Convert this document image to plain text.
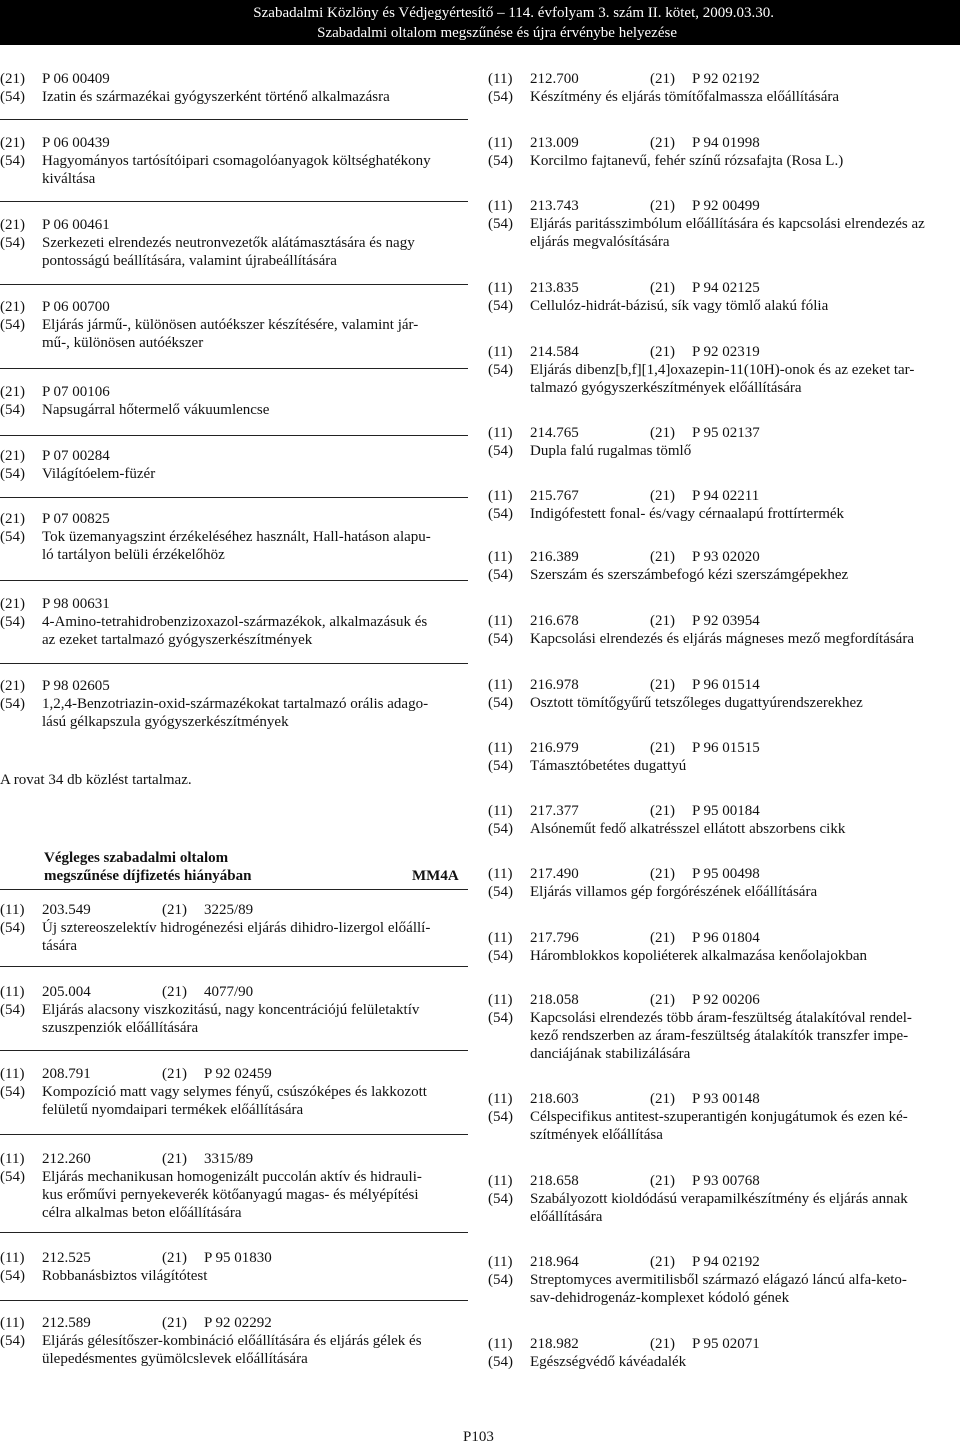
Szabadalmi Közlöny és Védjegyértesítő – 114. évfolyam 3. szám II. kötet, 2009.03.30.
Szabadalmi oltalom megszűnése és újra érvénybe helyezése
(21)	P 06 00409
(54)	Izatin és származékai gyógyszerként történő alkalmazásra
(21)	P 06 00439
(54)	Hagyományos tartósítóipari csomagolóanyagok költséghatékony
kiváltása
(21)	P 06 00461
(54)	Szerkezeti elrendezés neutronvezetők alátámasztására és nagy
pontosságú beállítására, valamint újrabeállítására
(21)	P 06 00700
(54)	Eljárás jármű-, különösen autóékszer készítésére, valamint jár-
mű-, különösen autóékszer
(21)	P 07 00106
(54)	Napsugárral hőtermelő vákuumlencse
(21)	P 07 00284
(54)	Világítóelem-füzér
(21)	P 07 00825
(54)	Tok üzemanyagszint érzékeléséhez használt, Hall-hatáson alapu-
ló tartályon belüli érzékelőhöz
(21)	P 98 00631
(54)	4-Amino-tetrahidrobenzizoxazol-származékok, alkalmazásuk és
az ezeket tartalmazó gyógyszerkészítmények
(21)	P 98 02605
(54)	1,2,4-Benzotriazin-oxid-származékokat tartalmazó orális adago-
lású gélkapszula gyógyszerkészítmények
(11)	203.549	(21)	3225/89
(54)	Új sztereoszelektív hidrogénezési eljárás dihidro-lizergol előállí-
tására
(11)	205.004	(21)	4077/90
(54)	Eljárás alacsony viszkozitású, nagy koncentrációjú felületaktív
szuszpenziók előállítására
(11)	208.791	(21)	P 92 02459
(54)	Kompozíció matt vagy selymes fényű, csúszóképes és lakkozott
felületű nyomdaipari termékek előállítására
(11)	212.260	(21)	3315/89
(54)	Eljárás mechanikusan homogenizált puccolán aktív és hidrauli-
kus erőművi pernyekeverék kötőanyagú magas- és mélyépítési
célra alkalmas beton előállítására
(11)	212.525	(21)	P 95 01830
(54)	Robbanásbiztos világítótest
(11)	212.589	(21)	P 92 02292
(54)	Eljárás gélesítőszer-kombináció előállítására és eljárás gélek és
ülepedésmentes gyümölcslevek előállítására
(11)	212.700	(21)	P 92 02192
(54)	Készítmény és eljárás tömítőfalmassza előállítására
(11)	213.009	(21)	P 94 01998
(54)	Korcilmo fajtanevű, fehér színű rózsafajta (Rosa L.)
(11)	213.743	(21)	P 92 00499
(54)	Eljárás paritásszimbólum előállítására és kapcsolási elrendezés az
eljárás megvalósítására
(11)	213.835	(21)	P 94 02125
(54)	Cellulóz-hidrát-bázisú, sík vagy tömlő alakú fólia
(11)	214.584	(21)	P 92 02319
(54)	Eljárás dibenz[b,f][1,4]oxazepin-11(10H)-onok és az ezeket tar-
talmazó gyógyszerkészítmények előállítására
(11)	214.765	(21)	P 95 02137
(54)	Dupla falú rugalmas tömlő
(11)	215.767	(21)	P 94 02211
(54)	Indigófestett fonal- és/vagy cérnaalapú frottírtermék
(11)	216.389	(21)	P 93 02020
(54)	Szerszám és szerszámbefogó kézi szerszámgépekhez
(11)	216.678	(21)	P 92 03954
(54)	Kapcsolási elrendezés és eljárás mágneses mező megfordítására
(11)	216.978	(21)	P 96 01514
(54)	Osztott tömítőgyűrű tetszőleges dugattyúrendszerekhez
(11)	216.979	(21)	P 96 01515
(54)	Támasztóbetétes dugattyú
(11)	217.377	(21)	P 95 00184
(54)	Alsóneműt fedő alkatrésszel ellátott abszorbens cikk
(11)	217.490	(21)	P 95 00498
(54)	Eljárás villamos gép forgórészének előállítására
(11)	217.796	(21)	P 96 01804
(54)	Háromblokkos kopoliéterek alkalmazása kenőolajokban
(11)	218.058	(21)	P 92 00206
(54)	Kapcsolási elrendezés több áram-feszültség átalakítóval rendel-
kező rendszerben az áram-feszültség átalakítók transzfer impe-
danciájának stabilizálására
(11)	218.603	(21)	P 93 00148
(54)	Célspecifikus antitest-szuperantigén konjugátumok és ezen ké-
szítmények előállítása
(11)	218.658	(21)	P 93 00768
(54)	Szabályozott kioldódású verapamilkészítmény és eljárás annak
előállítására
(11)	218.964	(21)	P 94 02192
(54)	Streptomyces avermitilisből származó elágazó láncú alfa-keto-
sav-dehidrogenáz-komplexet kódoló gének
(11)	218.982	(21)	P 95 02071
(54)	Egészségvédő kávéadalék
A rovat 34 db közlést tartalmaz.
Végleges szabadalmi oltalom
megszűnése díjfizetés hiányában	MM4A
P103
